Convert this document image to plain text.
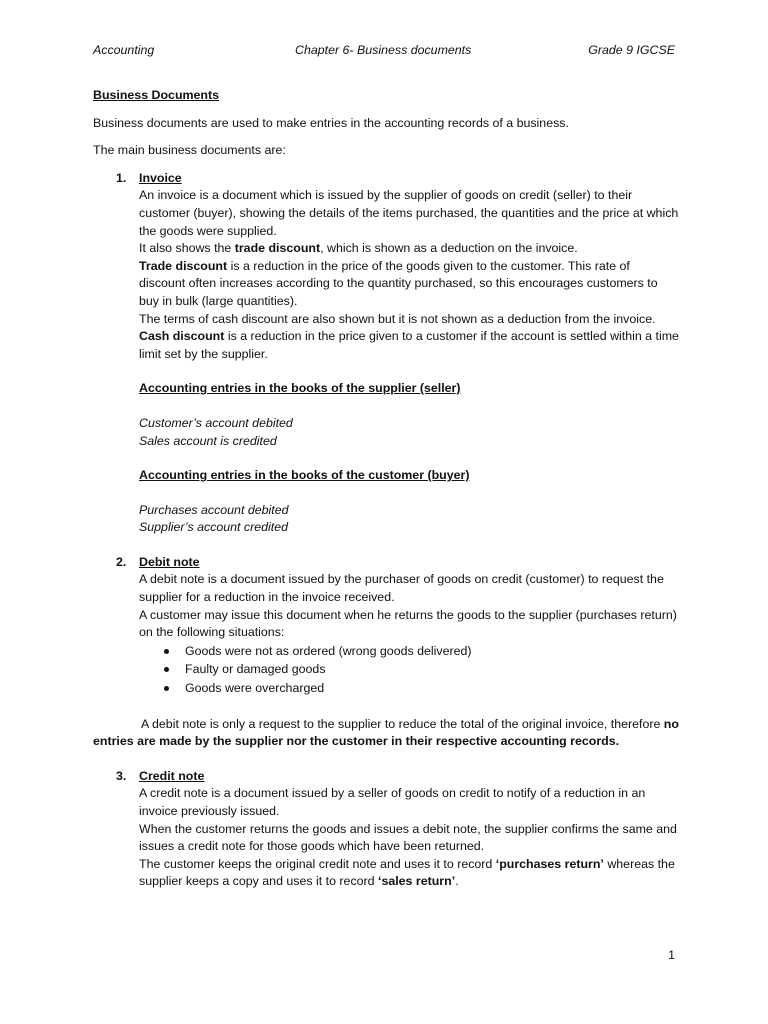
Accounting	Chapter 6- Business documents	Grade 9 IGCSE

Business Documents

Business documents are used to make entries in the accounting records of a business.

The main business documents are:

1. Invoice

An invoice is a document which is issued by the supplier of goods on credit (seller) to their customer (buyer), showing the details of the items purchased, the quantities and the price at which the goods were supplied.

It also shows the trade discount, which is shown as a deduction on the invoice.

Trade discount is a reduction in the price of the goods given to the customer. This rate of discount often increases according to the quantity purchased, so this encourages customers to buy in bulk (large quantities).

The terms of cash discount are also shown but it is not shown as a deduction from the invoice.

Cash discount is a reduction in the price given to a customer if the account is settled within a time limit set by the supplier.

Accounting entries in the books of the supplier (seller)

Customer’s account debited

Sales account is credited

Accounting entries in the books of the customer (buyer)

Purchases account debited

Supplier’s account credited

2. Debit note

A debit note is a document issued by the purchaser of goods on credit (customer) to request the supplier for a reduction in the invoice received.

A customer may issue this document when he returns the goods to the supplier (purchases return) on the following situations:

Goods were not as ordered (wrong goods delivered)
Faulty or damaged goods
Goods were overcharged

A debit note is only a request to the supplier to reduce the total of the original invoice, therefore no entries are made by the supplier nor the customer in their respective accounting records.

3. Credit note

A credit note is a document issued by a seller of goods on credit to notify of a reduction in an invoice previously issued.

When the customer returns the goods and issues a debit note, the supplier confirms the same and issues a credit note for those goods which have been returned.

The customer keeps the original credit note and uses it to record ‘purchases return’ whereas the supplier keeps a copy and uses it to record ‘sales return’.

1
